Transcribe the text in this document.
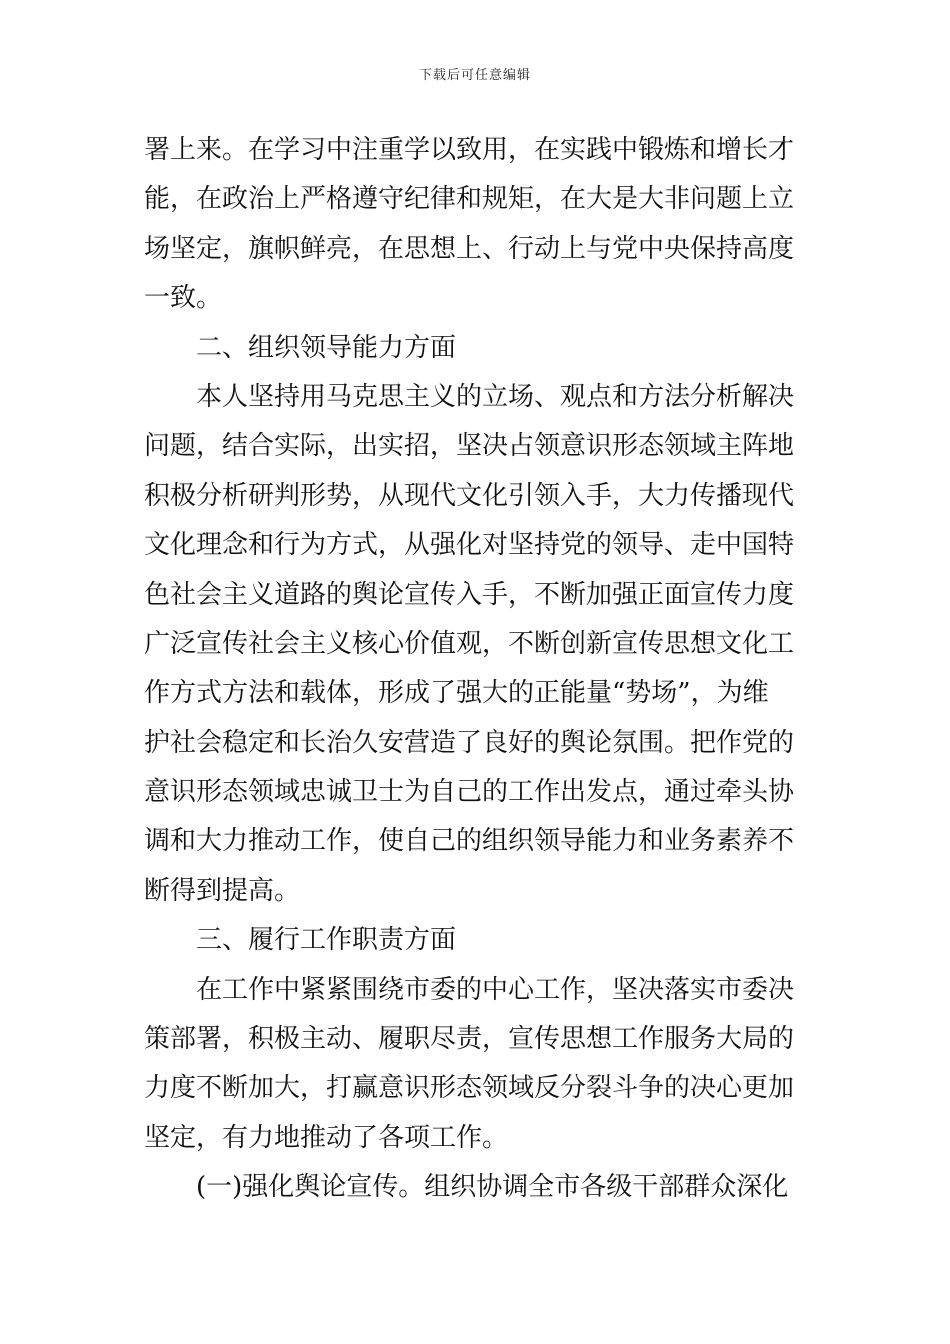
下载后可任意编辑
署上来。在学习中注重学以致用，在实践中锻炼和增长才
能，在政治上严格遵守纪律和规矩，在大是大非问题上立
场坚定，旗帜鲜亮，在思想上、行动上与党中央保持高度
一致。
二、组织领导能力方面
本人坚持用马克思主义的立场、观点和方法分析解决
问题，结合实际，出实招，坚决占领意识形态领域主阵地
积极分析研判形势，从现代文化引领入手，大力传播现代
文化理念和行为方式，从强化对坚持党的领导、走中国特
色社会主义道路的舆论宣传入手，不断加强正面宣传力度
广泛宣传社会主义核心价值观，不断创新宣传思想文化工
作方式方法和载体，形成了强大的正能量“势场”，为维
护社会稳定和长治久安营造了良好的舆论氛围。把作党的
意识形态领域忠诚卫士为自己的工作出发点，通过牵头协
调和大力推动工作，使自己的组织领导能力和业务素养不
断得到提高。
三、履行工作职责方面
在工作中紧紧围绕市委的中心工作，坚决落实市委决
策部署，积极主动、履职尽责，宣传思想工作服务大局的
力度不断加大，打赢意识形态领域反分裂斗争的决心更加
坚定，有力地推动了各项工作。
(一)强化舆论宣传。组织协调全市各级干部群众深化
